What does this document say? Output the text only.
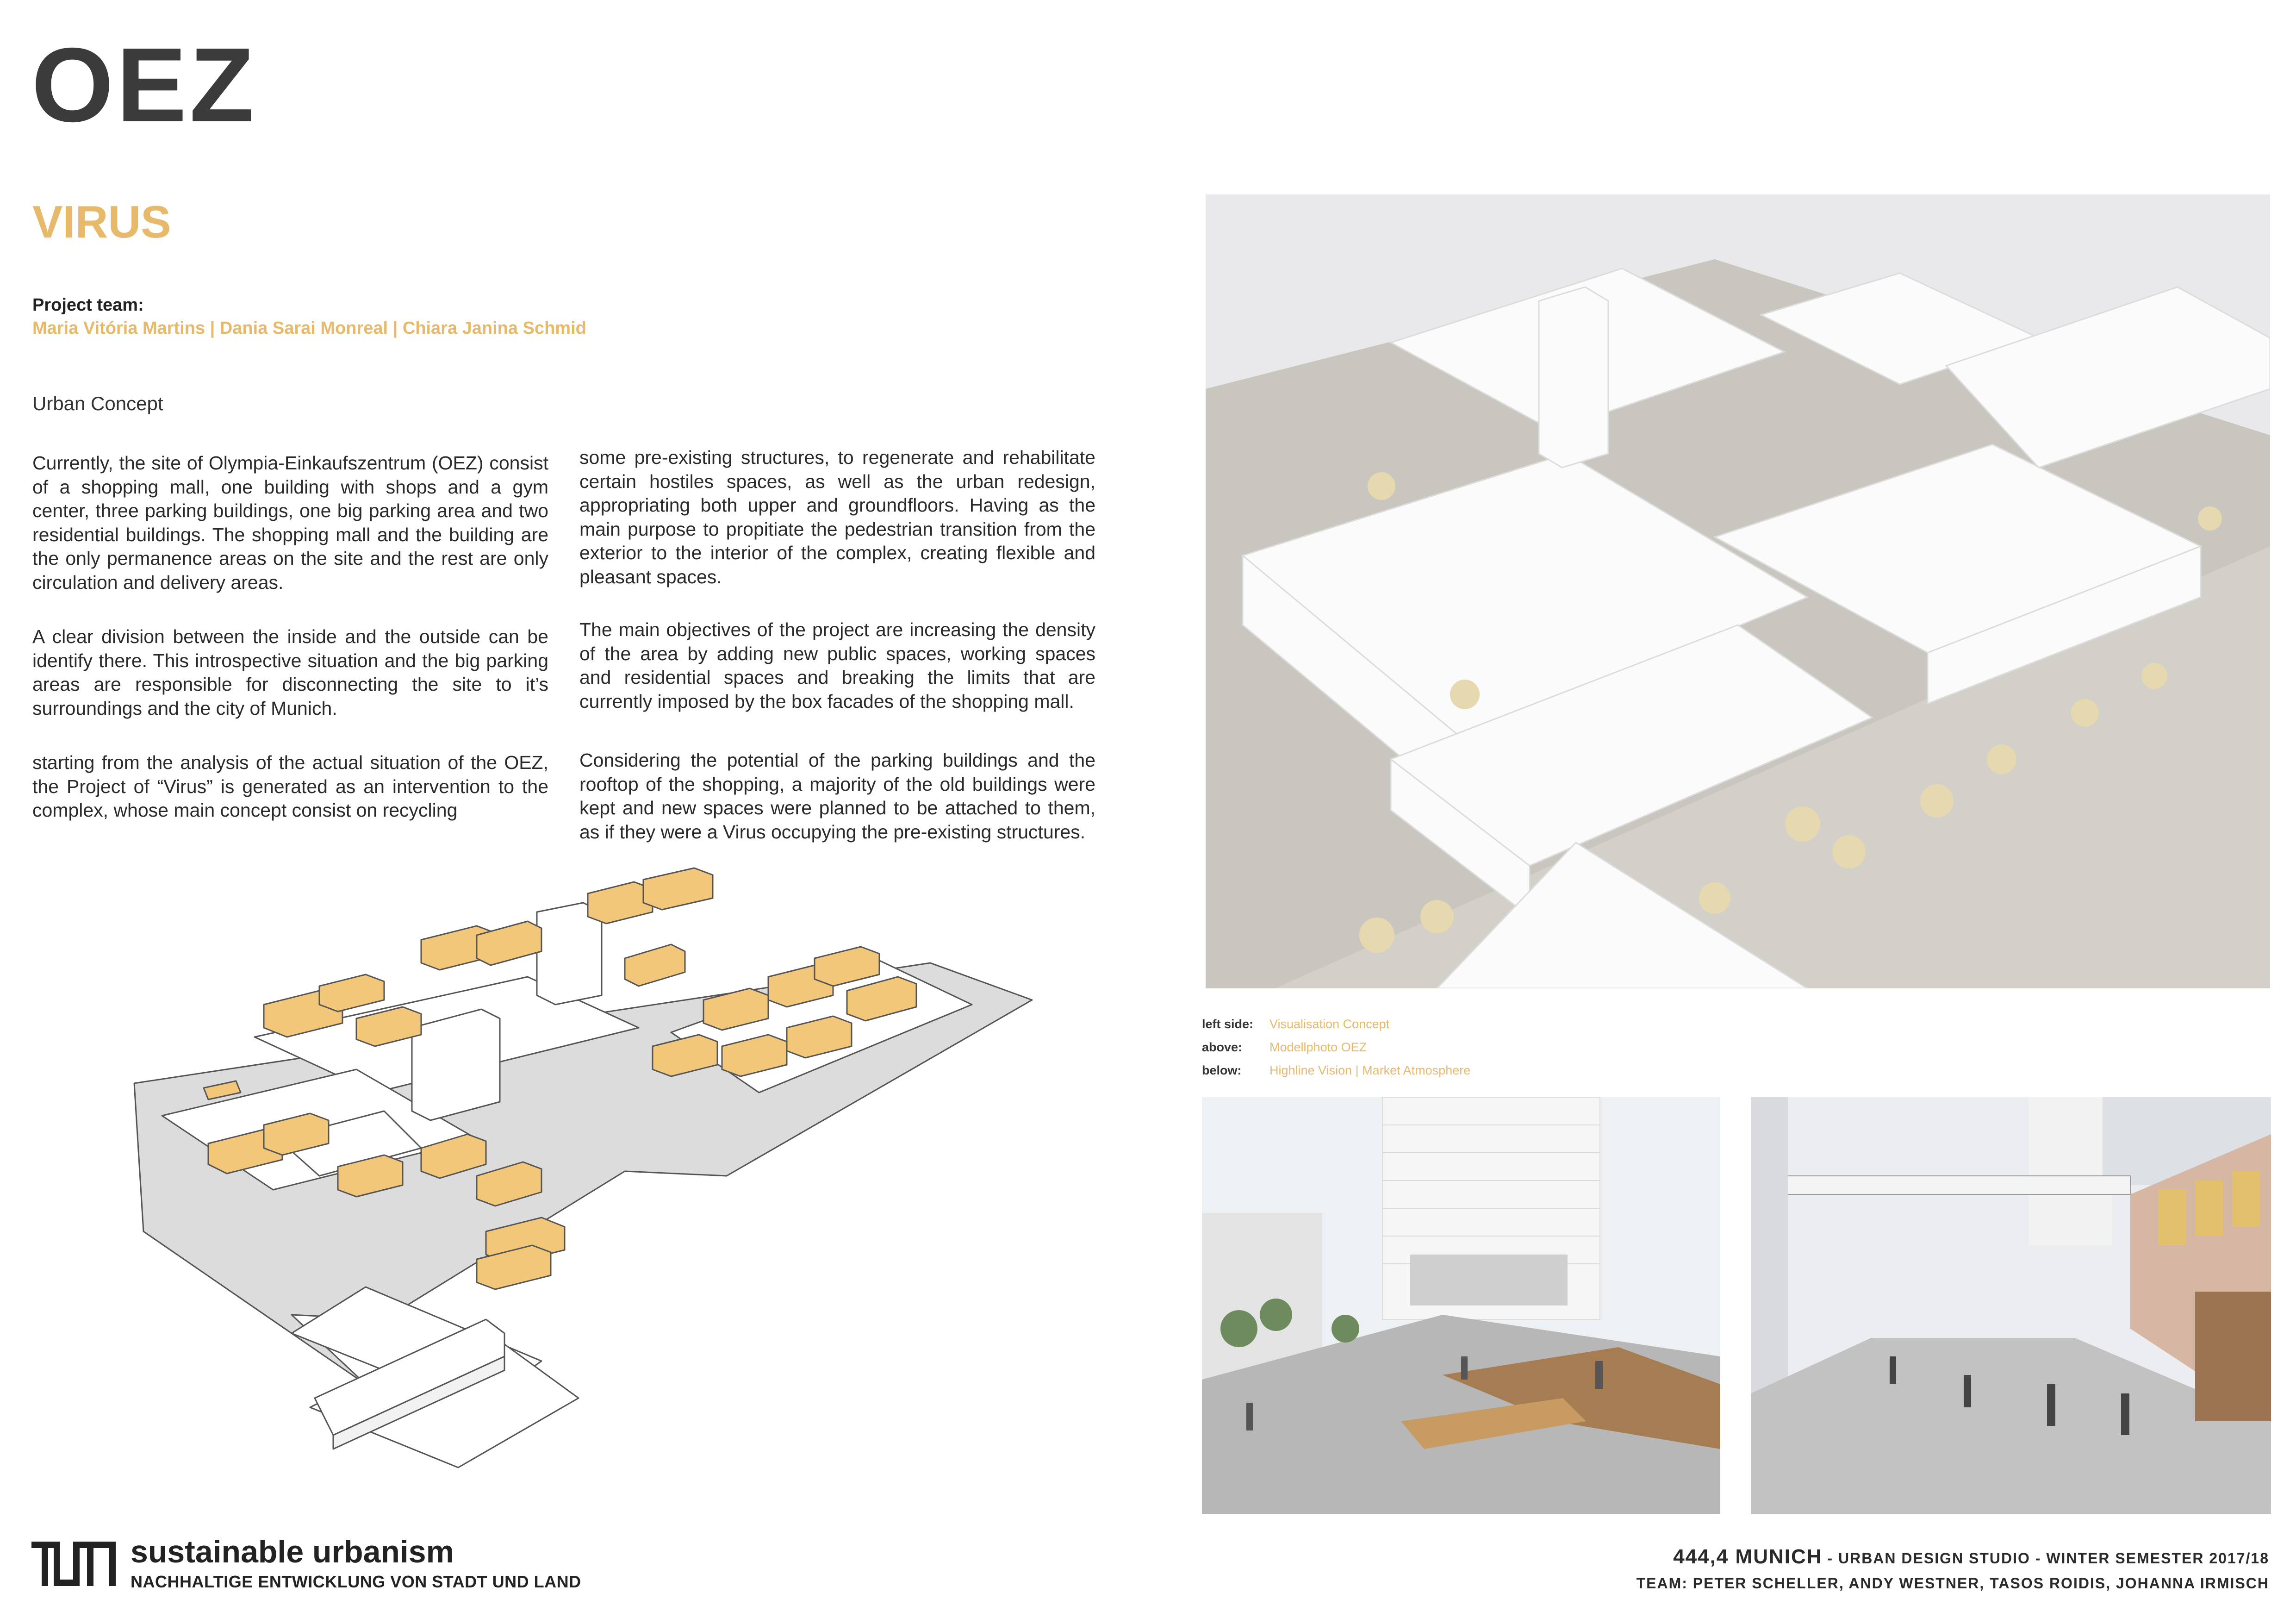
OEZ
VIRUS
Project team:
Maria Vitória Martins | Dania Sarai Monreal | Chiara Janina Schmid
Urban Concept
Currently, the site of Olympia-Einkaufszentrum (OEZ) consist of a shopping mall, one building with shops and a gym center, three parking buildings, one big parking area and two residential buildings. The shopping mall and the building are the only permanence areas on the site and the rest are only circulation and delivery areas.
A clear division between the inside and the outside can be identify there. This introspective situation and the big parking areas are responsible for disconnecting the site to it’s surroundings and the city of Munich.
starting from the analysis of the actual situation of the OEZ, the Project of “Virus” is generated as an intervention to the complex, whose main concept consist on recycling
some pre-existing structures, to regenerate and rehabilitate certain hostiles spaces, as well as the urban redesign, appropriating both upper and groundfloors. Having as the main purpose to propitiate the pedestrian transition from the exterior to the interior of the complex, creating flexible and pleasant spaces.
The main objectives of the project are increasing the density of the area by adding new public spaces, working spaces and residential spaces and breaking the limits that are currently imposed by the box facades of the shopping mall.
Considering the potential of the parking buildings and the rooftop of the shopping, a majority of the old buildings were kept and new spaces were planned to be attached to them, as if they were a Virus occupying the pre-existing structures.
left side: Visualisation Concept
above: Modellphoto OEZ
below: Highline Vision | Market Atmosphere
sustainable urbanism
NACHHALTIGE ENTWICKLUNG VON STADT UND LAND
444,4 MUNICH - URBAN DESIGN STUDIO - WINTER SEMESTER 2017/18
TEAM: PETER SCHELLER, ANDY WESTNER, TASOS ROIDIS, JOHANNA IRMISCH
